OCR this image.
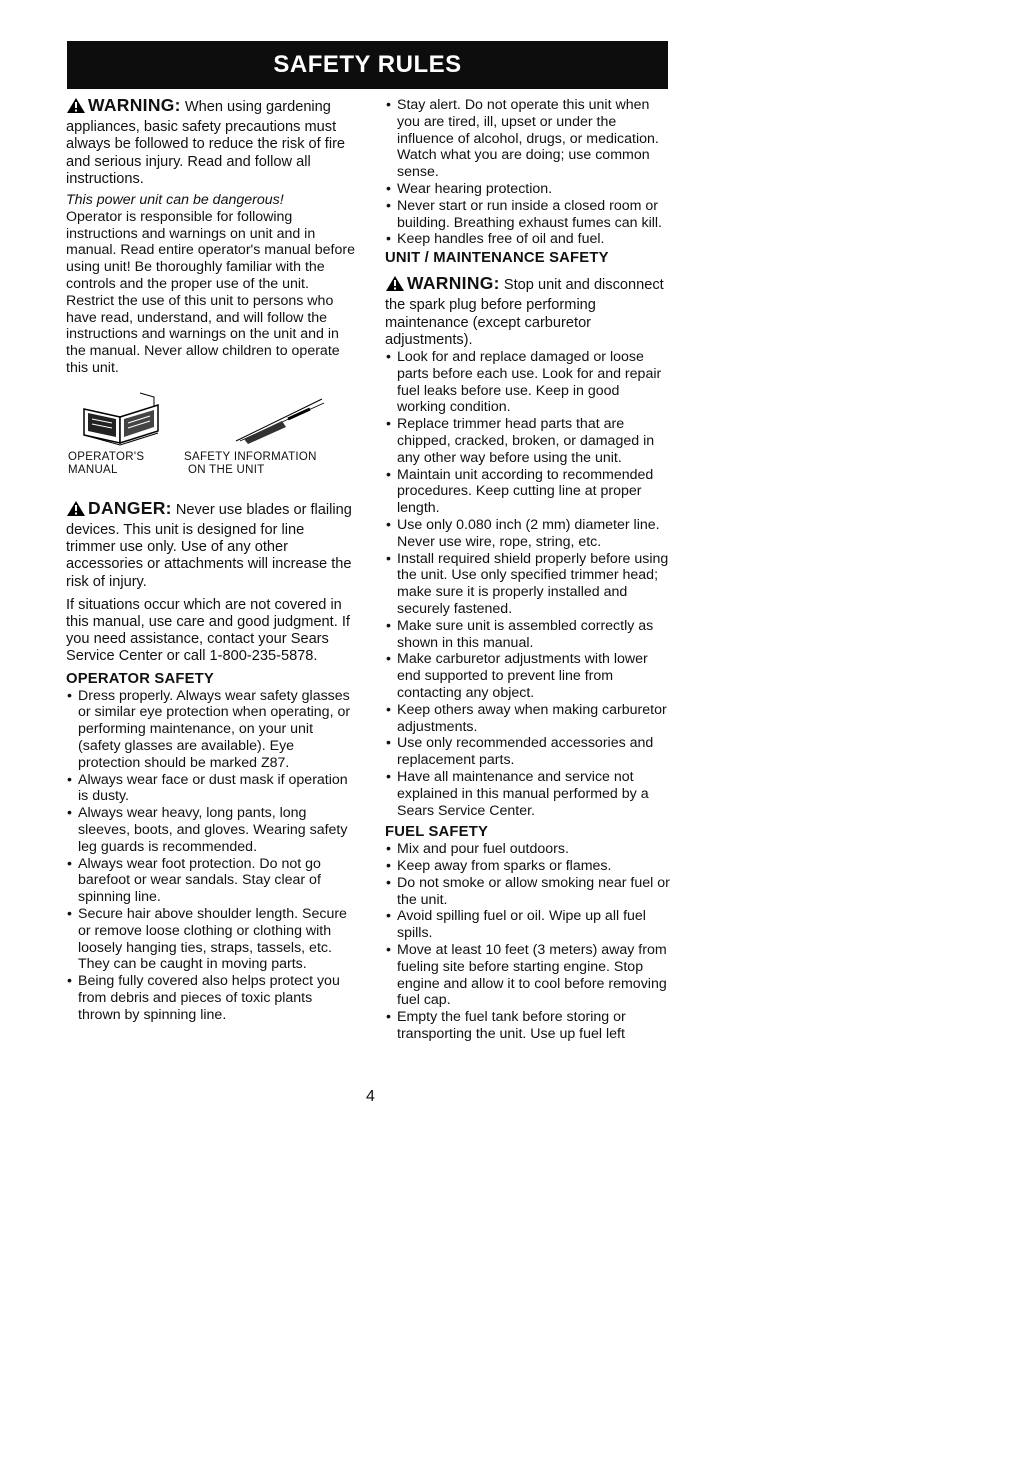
SAFETY RULES

WARNING: When using gardening appliances, basic safety precautions must always be followed to reduce the risk of fire and serious injury. Read and follow all instructions.

This power unit can be dangerous!

Operator is responsible for following instructions and warnings on unit and in manual. Read entire operator's manual before using unit! Be thoroughly familiar with the controls and the proper use of the unit. Restrict the use of this unit to persons who have read, understand, and will follow the instructions and warnings on the unit and in the manual. Never allow children to operate this unit.

OPERATOR'S MANUAL
SAFETY INFORMATION
ON THE UNIT

DANGER: Never use blades or flailing devices. This unit is designed for line trimmer use only. Use of any other accessories or attachments will increase the risk of injury.

If situations occur which are not covered in this manual, use care and good judgment. If you need assistance, contact your Sears Service Center or call 1-800-235-5878.

OPERATOR SAFETY
• Dress properly. Always wear safety glasses or similar eye protection when operating, or performing maintenance, on your unit (safety glasses are available). Eye protection should be marked Z87.
• Always wear face or dust mask if operation is dusty.
• Always wear heavy, long pants, long sleeves, boots, and gloves. Wearing safety leg guards is recommended.
• Always wear foot protection. Do not go barefoot or wear sandals. Stay clear of spinning line.
• Secure hair above shoulder length. Secure or remove loose clothing or clothing with loosely hanging ties, straps, tassels, etc. They can be caught in moving parts.
• Being fully covered also helps protect you from debris and pieces of toxic plants thrown by spinning line.
• Stay alert. Do not operate this unit when you are tired, ill, upset or under the influence of alcohol, drugs, or medication. Watch what you are doing; use common sense.
• Wear hearing protection.
• Never start or run inside a closed room or building. Breathing exhaust fumes can kill.
• Keep handles free of oil and fuel.
UNIT / MAINTENANCE SAFETY

WARNING: Stop unit and disconnect the spark plug before performing maintenance (except carburetor adjustments).

• Look for and replace damaged or loose parts before each use. Look for and repair fuel leaks before use. Keep in good working condition.
• Replace trimmer head parts that are chipped, cracked, broken, or damaged in any other way before using the unit.
• Maintain unit according to recommended procedures. Keep cutting line at proper length.
• Use only 0.080 inch (2 mm) diameter line. Never use wire, rope, string, etc.
• Install required shield properly before using the unit. Use only specified trimmer head; make sure it is properly installed and securely fastened.
• Make sure unit is assembled correctly as shown in this manual.
• Make carburetor adjustments with lower end supported to prevent line from contacting any object.
• Keep others away when making carburetor adjustments.
• Use only recommended accessories and replacement parts.
• Have all maintenance and service not explained in this manual performed by a Sears Service Center.
FUEL SAFETY
• Mix and pour fuel outdoors.
• Keep away from sparks or flames.
• Do not smoke or allow smoking near fuel or the unit.
• Avoid spilling fuel or oil. Wipe up all fuel spills.
• Move at least 10 feet (3 meters) away from fueling site before starting engine. Stop engine and allow it to cool before removing fuel cap.
• Empty the fuel tank before storing or transporting the unit. Use up fuel left
4
